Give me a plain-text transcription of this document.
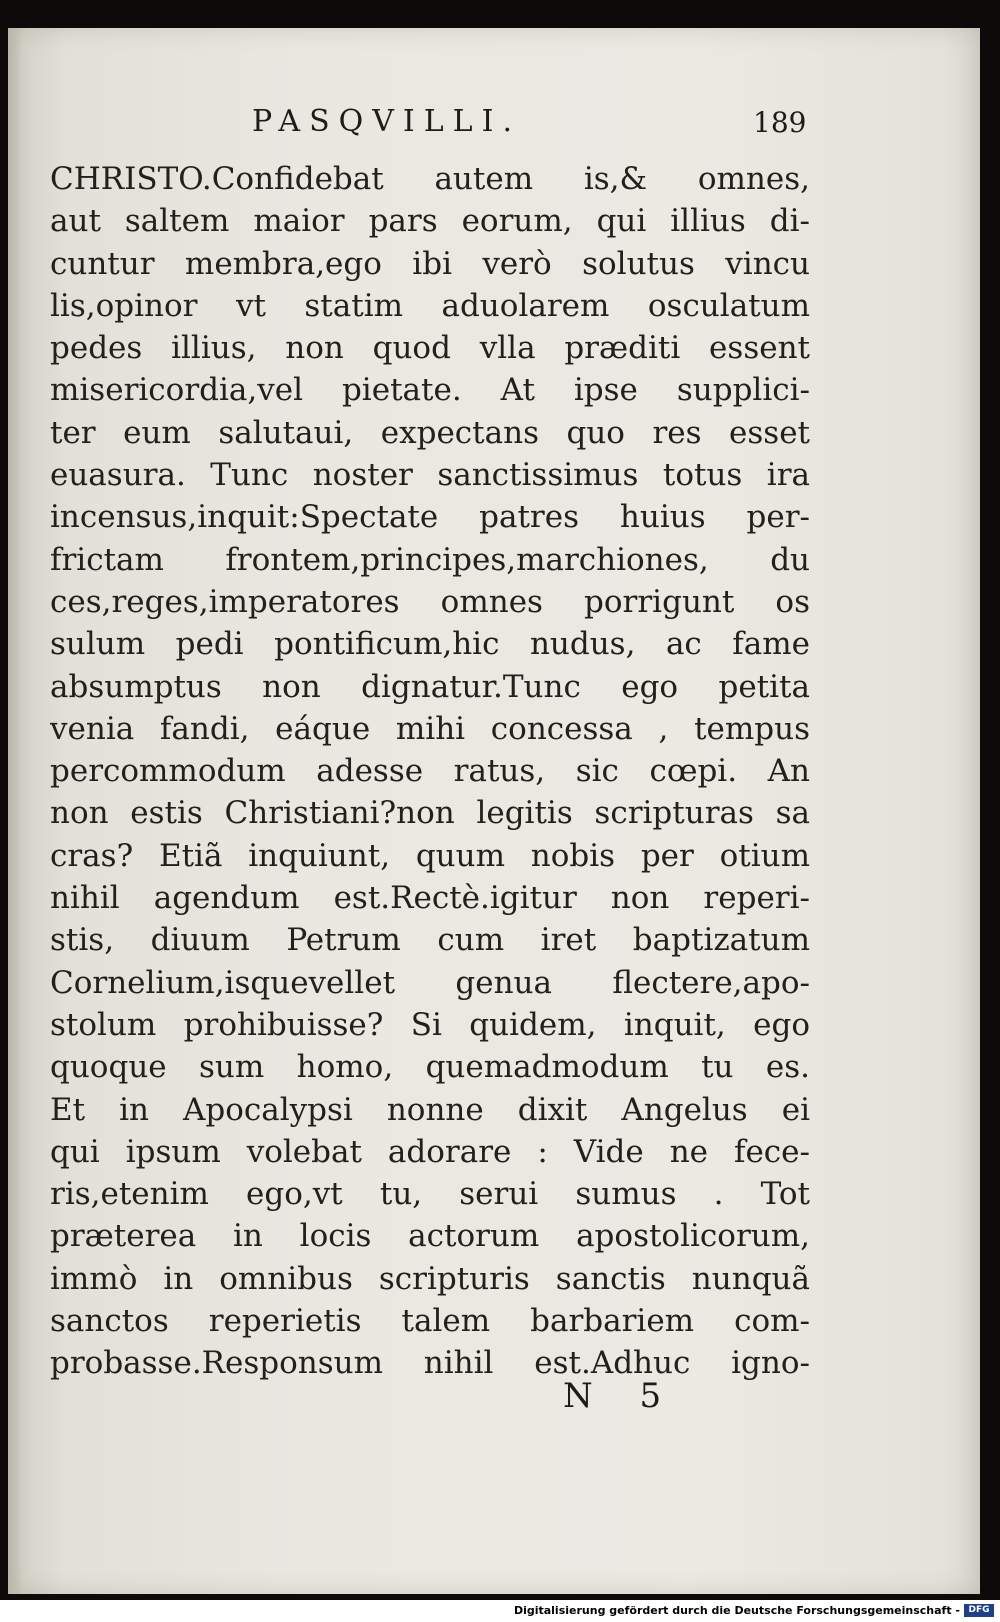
PASQVILLI.	189
CHRISTO.Confidebat autem is,& omnes,
aut saltem maior pars eorum, qui illius di-
cuntur membra,ego ibi verò solutus vincu
lis,opinor vt statim aduolarem osculatum
pedes illius, non quod vlla præditi essent
misericordia,vel pietate. At ipse supplici-
ter eum salutaui, expectans quo res esset
euasura. Tunc noster sanctissimus totus ira
incensus,inquit:Spectate patres huius per-
frictam frontem,principes,marchiones, du
ces,reges,imperatores omnes porrigunt os
sulum pedi pontificum,hic nudus, ac fame
absumptus non dignatur.Tunc ego petita
venia fandi, eáque mihi concessa , tempus
percommodum adesse ratus, sic cœpi. An
non estis Christiani?non legitis scripturas sa
cras? Etiã inquiunt, quum nobis per otium
nihil agendum est.Rectè.igitur non reperi-
stis, diuum Petrum cum iret baptizatum
Cornelium,isquevellet genua flectere,apo-
stolum prohibuisse? Si quidem, inquit, ego
quoque sum homo, quemadmodum tu es.
Et in Apocalypsi nonne dixit Angelus ei
qui ipsum volebat adorare : Vide ne fece-
ris,etenim ego,vt tu, serui sumus . Tot
præterea in locis actorum apostolicorum,
immò in omnibus scripturis sanctis nunquã
sanctos reperietis talem barbariem com-
probasse.Responsum nihil est.Adhuc igno-
N 5
Digitalisierung gefördert durch die Deutsche Forschungsgemeinschaft - DFG
